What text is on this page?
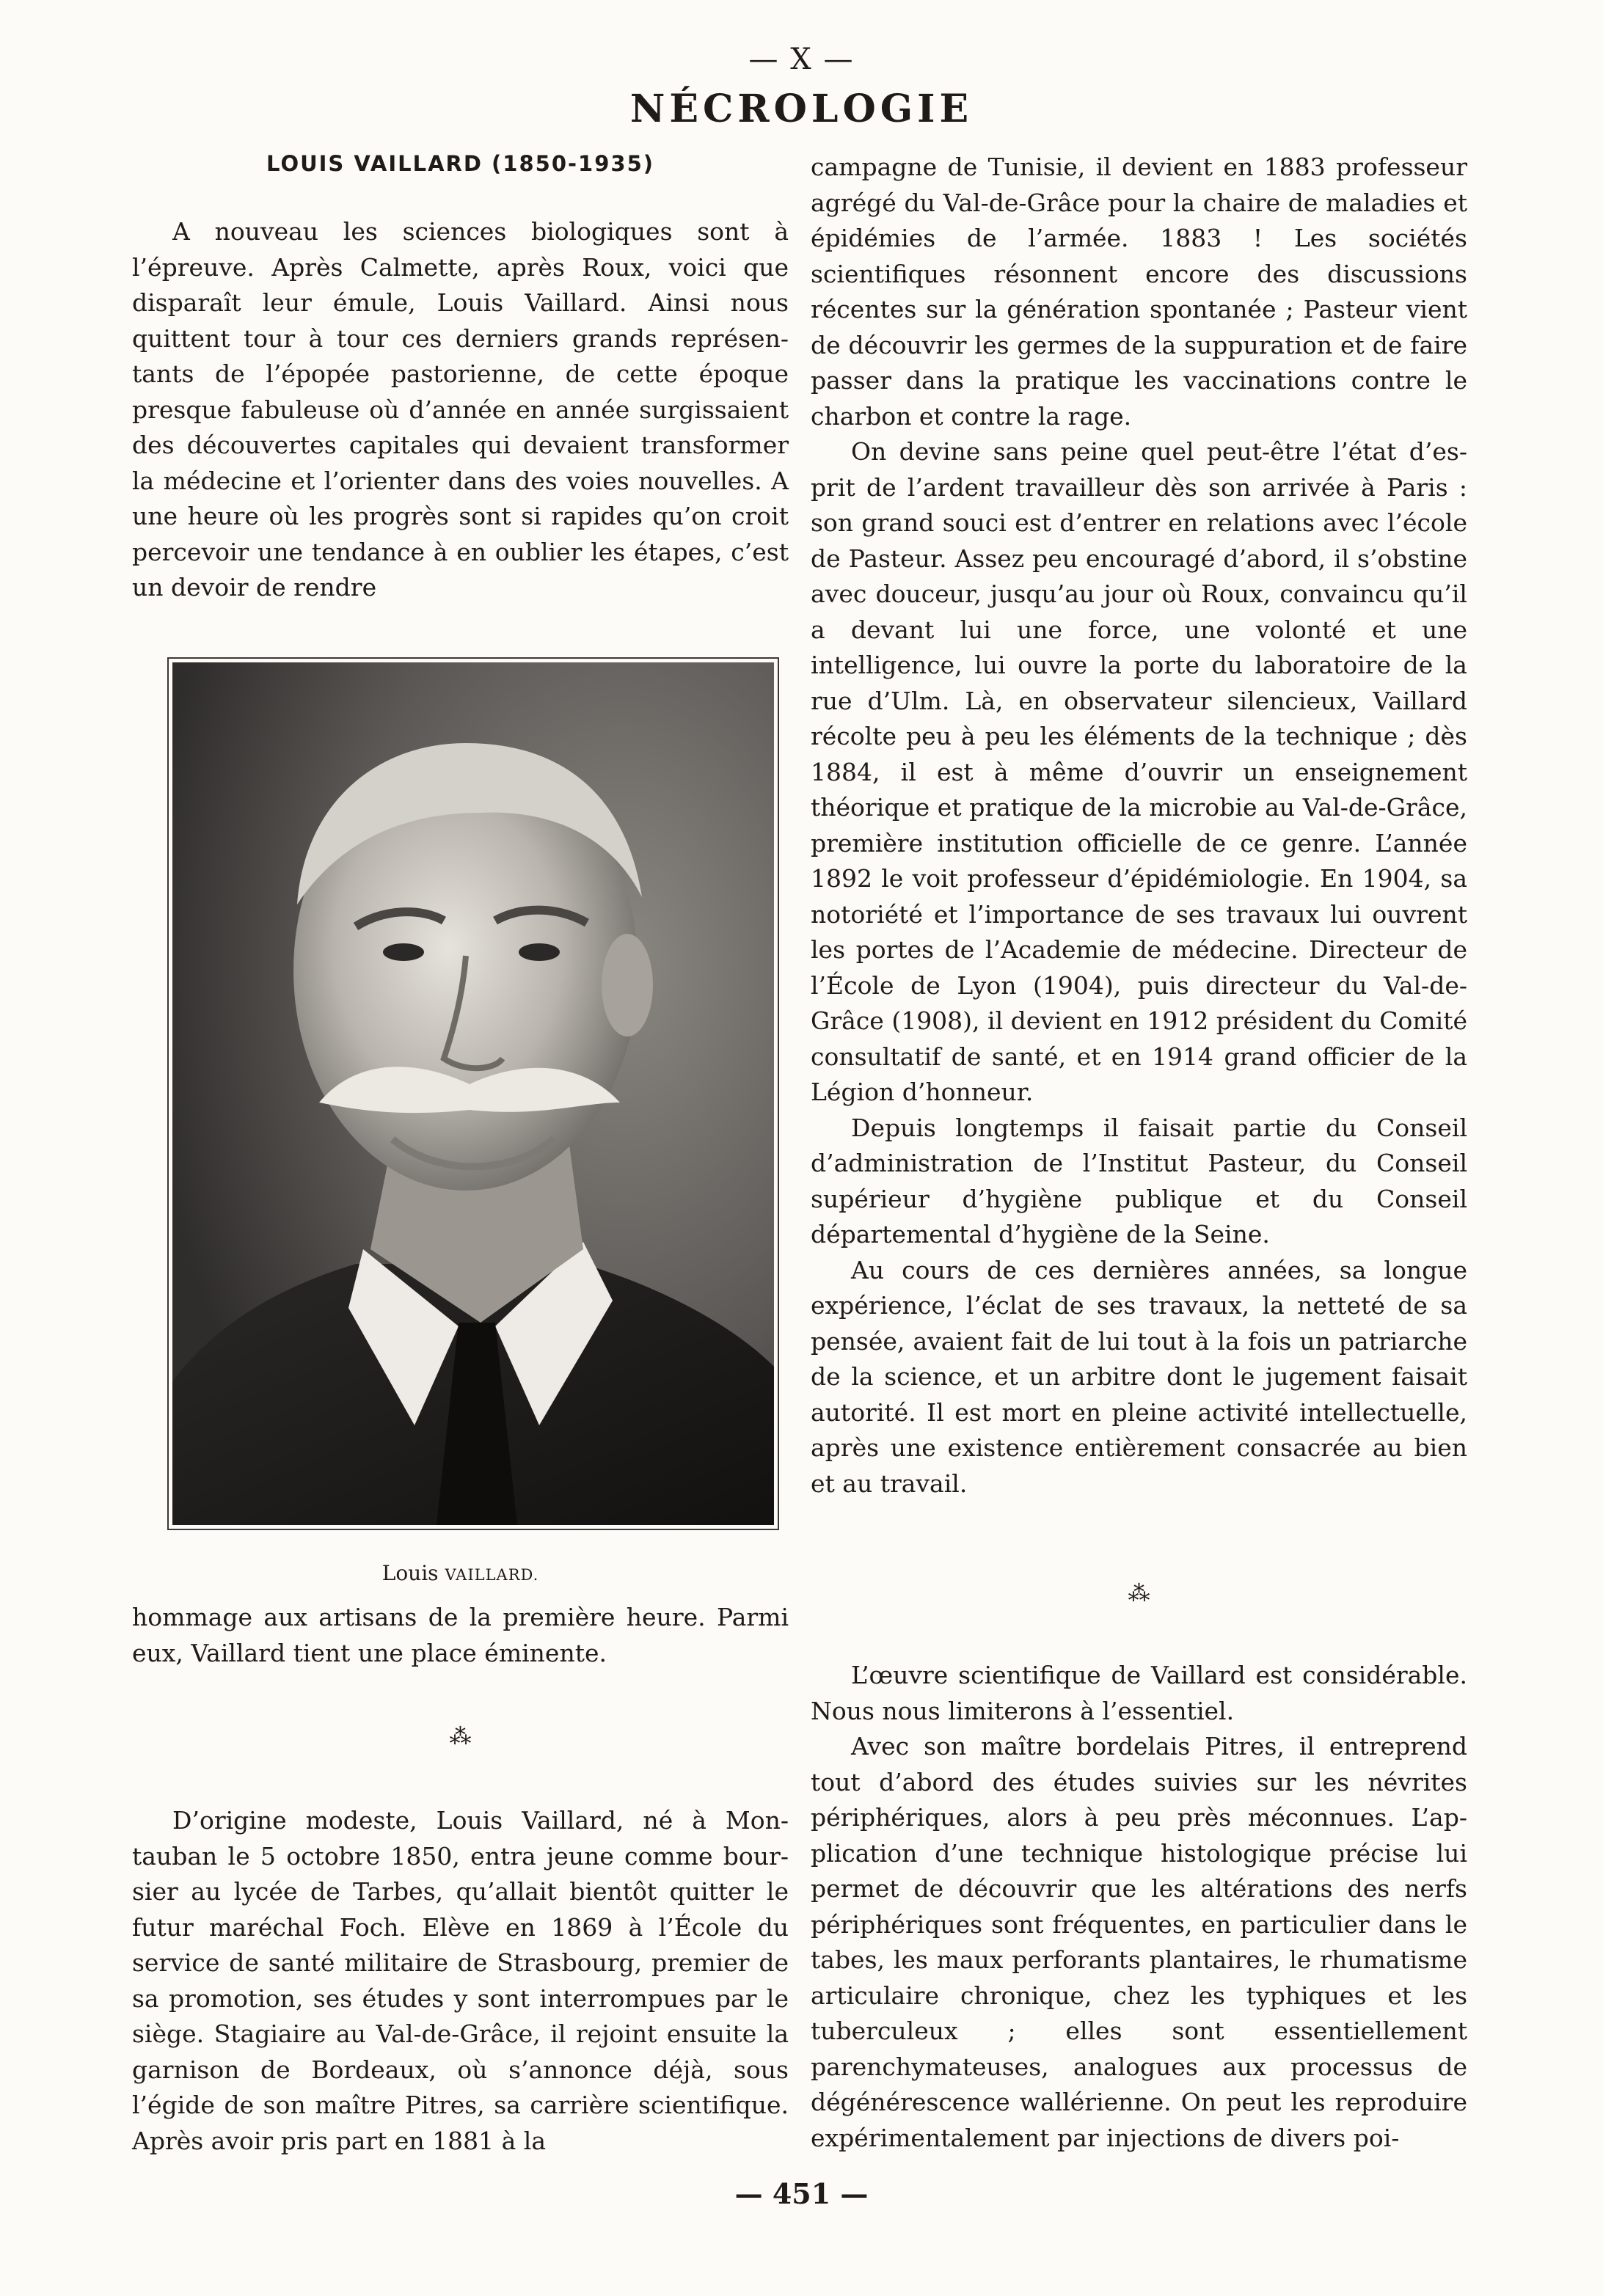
— X —
NÉCROLOGIE
LOUIS VAILLARD (1850-1935)

A nouveau les sciences biologiques sont à l’épreuve. Après Calmette, après Roux, voici que disparaît leur émule, Louis Vaillard. Ainsi nous quittent tour à tour ces derniers grands représentants de l’épopée pastorienne, de cette époque presque fabuleuse où d’année en année surgissaient des découvertes capitales qui devaient transformer la médecine et l’orienter dans des voies nouvelles. A une heure où les progrès sont si rapides qu’on croit percevoir une tendance à en oublier les étapes, c’est un devoir de rendre

Louis VAILLARD.

hommage aux artisans de la première heure. Parmi eux, Vaillard tient une place éminente.

⁂

D’origine modeste, Louis Vaillard, né à Montauban le 5 octobre 1850, entra jeune comme boursier au lycée de Tarbes, qu’allait bientôt quitter le futur maréchal Foch. Elève en 1869 à l’École du service de santé militaire de Strasbourg, premier de sa promotion, ses études y sont interrompues par le siège. Stagiaire au Val-de-Grâce, il rejoint ensuite la garnison de Bordeaux, où s’annonce déjà, sous l’égide de son maître Pitres, sa carrière scientifique. Après avoir pris part en 1881 à la

campagne de Tunisie, il devient en 1883 professeur agrégé du Val-de-Grâce pour la chaire de maladies et épidémies de l’armée. 1883 ! Les sociétés scientifiques résonnent encore des discussions récentes sur la génération spontanée ; Pasteur vient de découvrir les germes de la suppuration et de faire passer dans la pratique les vaccinations contre le charbon et contre la rage.

On devine sans peine quel peut-être l’état d’esprit de l’ardent travailleur dès son arrivée à Paris : son grand souci est d’entrer en relations avec l’école de Pasteur. Assez peu encouragé d’abord, il s’obstine avec douceur, jusqu’au jour où Roux, convaincu qu’il a devant lui une force, une volonté et une intelligence, lui ouvre la porte du laboratoire de la rue d’Ulm. Là, en observateur silencieux, Vaillard récolte peu à peu les éléments de la technique ; dès 1884, il est à même d’ouvrir un enseignement théorique et pratique de la microbie au Val-de-Grâce, première institution officielle de ce genre. L’année 1892 le voit professeur d’épidémiologie. En 1904, sa notoriété et l’importance de ses travaux lui ouvrent les portes de l’Academie de médecine. Directeur de l’École de Lyon (1904), puis directeur du Val-de-Grâce (1908), il devient en 1912 président du Comité consultatif de santé, et en 1914 grand officier de la Légion d’honneur.

Depuis longtemps il faisait partie du Conseil d’administration de l’Institut Pasteur, du Conseil supérieur d’hygiène publique et du Conseil départemental d’hygiène de la Seine.

Au cours de ces dernières années, sa longue expérience, l’éclat de ses travaux, la netteté de sa pensée, avaient fait de lui tout à la fois un patriarche de la science, et un arbitre dont le jugement faisait autorité. Il est mort en pleine activité intellectuelle, après une existence entièrement consacrée au bien et au travail.

⁂

L’œuvre scientifique de Vaillard est considérable. Nous nous limiterons à l’essentiel.

Avec son maître bordelais Pitres, il entreprend tout d’abord des études suivies sur les névrites périphériques, alors à peu près méconnues. L’application d’une technique histologique précise lui permet de découvrir que les altérations des nerfs périphériques sont fréquentes, en particulier dans le tabes, les maux perforants plantaires, le rhumatisme articulaire chronique, chez les typhiques et les tuberculeux ; elles sont essentiellement parenchymateuses, analogues aux processus de dégénérescence wallérienne. On peut les reproduire expérimentalement par injections de divers poi-

— 451 —
